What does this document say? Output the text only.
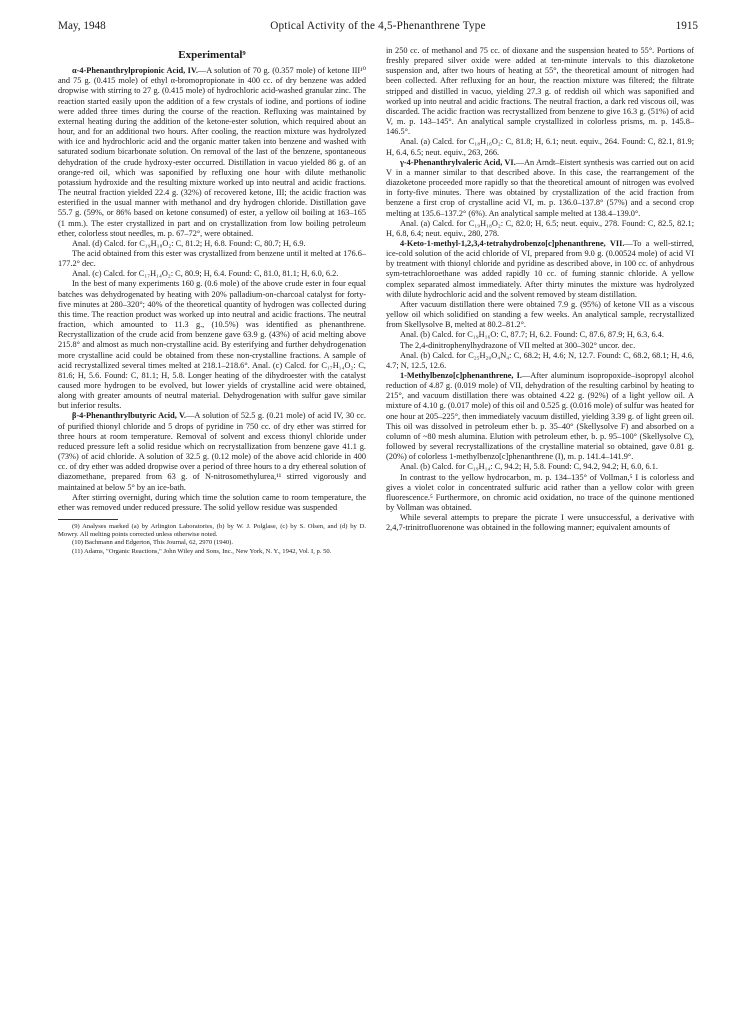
May, 1948	Optical Activity of the 4,5-Phenanthrene Type	1915
Experimental⁹

α-4-Phenanthrylpropionic Acid, IV.—A solution of 70 g. (0.357 mole) of ketone III¹⁰ and 75 g. (0.415 mole) of ethyl α-bromopropionate in 400 cc. of dry benzene was added dropwise with stirring to 27 g. (0.415 mole) of hydrochloric acid-washed granular zinc. The reaction started easily upon the addition of a few crystals of iodine, and portions of iodine were added three times during the course of the reaction. Refluxing was maintained by external heating during the addition of the ketone-ester solution, which required about an hour, and for an additional two hours. After cooling, the reaction mixture was hydrolyzed with ice and hydrochloric acid and the organic matter taken into benzene and washed with saturated sodium bicarbonate solution. On removal of the last of the benzene, spontaneous dehydration of the crude hydroxy-ester occurred. Distillation in vacuo yielded 86 g. of an orange-red oil, which was saponified by refluxing one hour with dilute methanolic potassium hydroxide and the resulting mixture worked up into neutral and acidic fractions. The neutral fraction yielded 22.4 g. (32%) of recovered ketone, III; the acidic fraction was esterified in the usual manner with methanol and dry hydrogen chloride. Distillation gave 55.7 g. (59%, or 86% based on ketone consumed) of ester, a yellow oil boiling at 163–165 (1 mm.). The ester crystallized in part and on crystallization from low boiling petroleum ether, colorless stout needles, m. p. 67–72°, were obtained.

Anal. (d) Calcd. for C₁₉H₁₈O₂: C, 81.2; H, 6.8. Found: C, 80.7; H, 6.9.

The acid obtained from this ester was crystallized from benzene until it melted at 176.6–177.2° dec.

Anal. (c) Calcd. for C₁₇H₁₄O₂: C, 80.9; H, 6.4. Found: C, 81.0, 81.1; H, 6.0, 6.2.

In the best of many experiments 160 g. (0.6 mole) of the above crude ester in four equal batches was dehydrogenated by heating with 20% palladium-on-charcoal catalyst for forty-five minutes at 280–320°; 40% of the theoretical quantity of hydrogen was collected during this time. The reaction product was worked up into neutral and acidic fractions. The neutral fraction, which amounted to 11.3 g., (10.5%) was identified as phenanthrene. Recrystallization of the crude acid from benzene gave 63.9 g. (43%) of acid melting above 215.8° and almost as much non-crystalline acid. By esterifying and further dehydrogenation more crystalline acid could be obtained from these non-crystalline fractions. A sample of acid recrystallized several times melted at 218.1–218.6°. Anal. (c) Calcd. for C₁₇H₁₄O₂: C, 81.6; H, 5.6. Found: C, 81.1; H, 5.8. Longer heating of the dihydroester with the catalyst caused more hydrogen to be evolved, but lower yields of crystalline acid were obtained, along with greater amounts of neutral material. Dehydrogenation with sulfur gave similar but inferior results.

β-4-Phenanthrylbutyric Acid, V.—A solution of 52.5 g. (0.21 mole) of acid IV, 30 cc. of purified thionyl chloride and 5 drops of pyridine in 750 cc. of dry ether was stirred for three hours at room temperature. Removal of solvent and excess thionyl chloride under reduced pressure left a solid residue which on recrystallization from benzene gave 41.1 g. (73%) of acid chloride. A solution of 32.5 g. (0.12 mole) of the above acid chloride in 400 cc. of dry ether was added dropwise over a period of three hours to a dry ethereal solution of diazomethane, prepared from 63 g. of N-nitrosomethylurea,¹¹ stirred vigorously and maintained at below 5° by an ice-bath.

After stirring overnight, during which time the solution came to room temperature, the ether was removed under reduced pressure. The solid yellow residue was suspended

(9) Analyses marked (a) by Arlington Laboratories, (b) by W. J. Polglase, (c) by S. Olsen, and (d) by D. Mowry. All melting points corrected unless otherwise noted.

(10) Bachmann and Edgerton, This Journal, 62, 2970 (1940).

(11) Adams, "Organic Reactions," John Wiley and Sons, Inc., New York, N. Y., 1942, Vol. I, p. 50.

in 250 cc. of methanol and 75 cc. of dioxane and the suspension heated to 55°. Portions of freshly prepared silver oxide were added at ten-minute intervals to this diazoketone suspension and, after two hours of heating at 55°, the theoretical amount of nitrogen had been collected. After refluxing for an hour, the reaction mixture was filtered; the filtrate stripped and distilled in vacuo, yielding 27.3 g. of reddish oil which was saponified and worked up into neutral and acidic fractions. The neutral fraction, a dark red viscous oil, was discarded. The acidic fraction was recrystallized from benzene to give 16.3 g. (51%) of acid V, m. p. 143–145°. An analytical sample crystallized in colorless prisms, m. p. 145.8–146.5°.

Anal. (a) Calcd. for C₁₈H₁₆O₂: C, 81.8; H, 6.1; neut. equiv., 264. Found: C, 82.1, 81.9; H, 6.4, 6.5; neut. equiv., 263, 266.

γ-4-Phenanthrylvaleric Acid, VI.—An Arndt–Eistert synthesis was carried out on acid V in a manner similar to that described above. In this case, the rearrangement of the diazoketone proceeded more rapidly so that the theoretical amount of nitrogen was evolved in forty-five minutes. There was obtained by crystallization of the acid fraction from benzene a first crop of crystalline acid VI, m. p. 136.0–137.8° (57%) and a second crop melting at 135.6–137.2° (6%). An analytical sample melted at 138.4–139.0°.

Anal. (a) Calcd. for C₁₉H₁₈O₂: C, 82.0; H, 6.5; neut. equiv., 278. Found: C, 82.5, 82.1; H, 6.8, 6.4; neut. equiv., 280, 278.

4-Keto-1-methyl-1,2,3,4-tetrahydrobenzo[c]phenanthrene, VII.—To a well-stirred, ice-cold solution of the acid chloride of VI, prepared from 9.0 g. (0.00524 mole) of acid VI by treatment with thionyl chloride and pyridine as described above, in 100 cc. of anhydrous sym-tetrachloroethane was added rapidly 10 cc. of fuming stannic chloride. A yellow complex separated almost immediately. After thirty minutes the mixture was hydrolyzed with dilute hydrochloric acid and the solvent removed by steam distillation.

After vacuum distillation there were obtained 7.9 g. (95%) of ketone VII as a viscous yellow oil which solidified on standing a few weeks. An analytical sample, recrystallized from Skellysolve B, melted at 80.2–81.2°.

Anal. (b) Calcd. for C₁₉H₁₆O: C, 87.7; H, 6.2. Found: C, 87.6, 87.9; H, 6.3, 6.4.

The 2,4-dinitrophenylhydrazone of VII melted at 300–302° uncor. dec.

Anal. (b) Calcd. for C₂₅H₂₀O₄N₄: C, 68.2; H, 4.6; N, 12.7. Found: C, 68.2, 68.1; H, 4.6, 4.7; N, 12.5, 12.6.

1-Methylbenzo[c]phenanthrene, I.—After aluminum isopropoxide–isopropyl alcohol reduction of 4.87 g. (0.019 mole) of VII, dehydration of the resulting carbinol by heating to 215°, and vacuum distillation there was obtained 4.22 g. (92%) of a light yellow oil. A mixture of 4.10 g. (0.017 mole) of this oil and 0.525 g. (0.016 mole) of sulfur was heated for one hour at 205–225°, then immediately vacuum distilled, yielding 3.39 g. of light green oil. This oil was dissolved in petroleum ether b. p. 35–40° (Skellysolve F) and absorbed on a column of ~80 mesh alumina. Elution with petroleum ether, b. p. 95–100° (Skellysolve C), followed by several recrystallizations of the crystalline material so obtained, gave 0.81 g. (20%) of colorless 1-methylbenzo[c]phenanthrene (I), m. p. 141.4–141.9°.

Anal. (b) Calcd. for C₁₉H₁₄: C, 94.2; H, 5.8. Found: C, 94.2, 94.2; H, 6.0, 6.1.

In contrast to the yellow hydrocarbon, m. p. 134–135° of Vollman,⁵ I is colorless and gives a violet color in concentrated sulfuric acid rather than a yellow color with green fluorescence.⁵ Furthermore, on chromic acid oxidation, no trace of the quinone mentioned by Vollman was obtained.

While several attempts to prepare the picrate I were unsuccessful, a derivative with 2,4,7-trinitrofluorenone was obtained in the following manner; equivalent amounts of
